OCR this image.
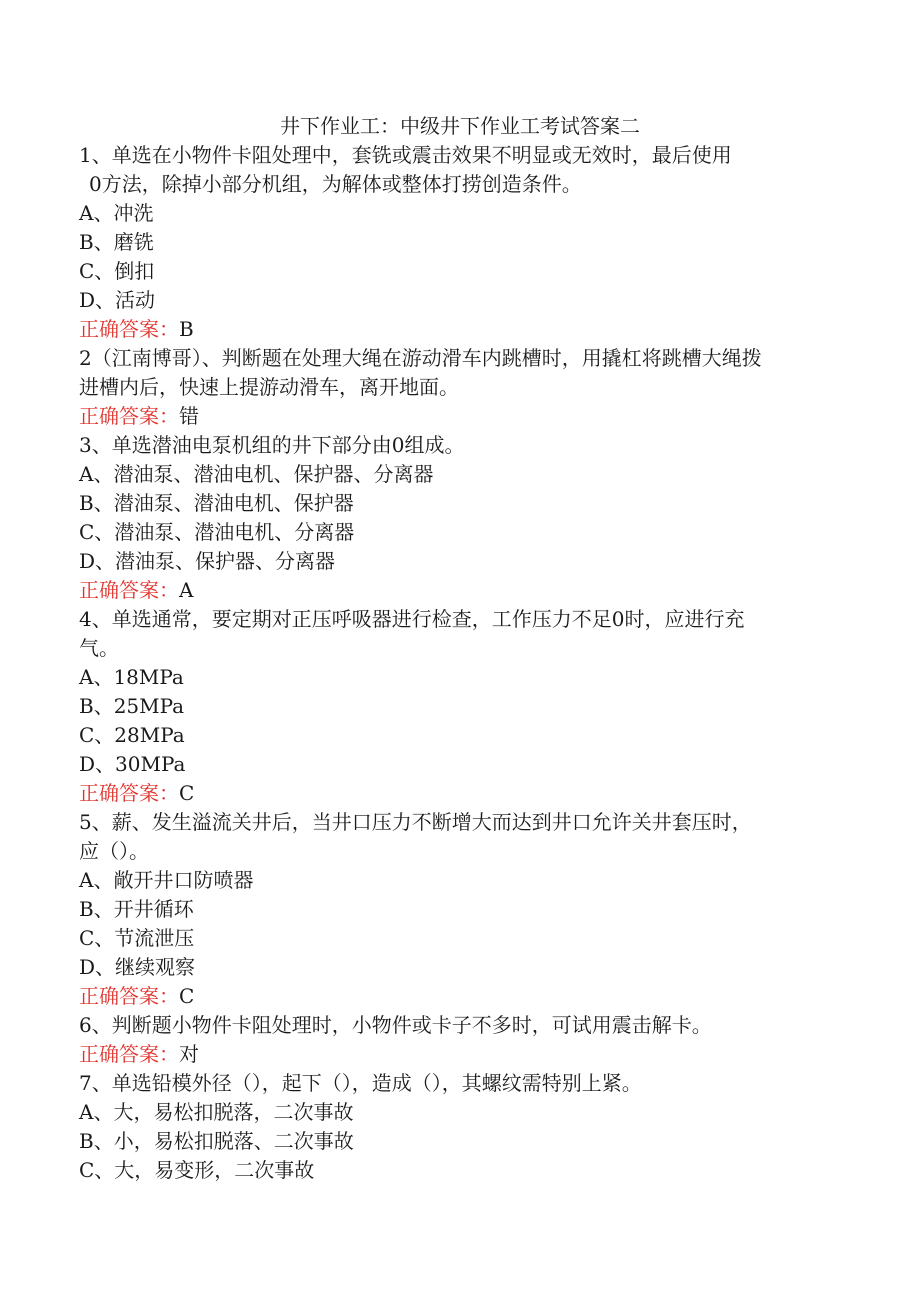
井下作业工：中级井下作业工考试答案二
1、单选在小物件卡阻处理中，套铣或震击效果不明显或无效时，最后使用
0方法，除掉小部分机组，为解体或整体打捞创造条件。
A、冲洗
B、磨铣
C、倒扣
D、活动
正确答案：B
2（江南博哥）、判断题在处理大绳在游动滑车内跳槽时，用撬杠将跳槽大绳拨
进槽内后，快速上提游动滑车，离开地面。
正确答案：错
3、单选潜油电泵机组的井下部分由0组成。
A、潜油泵、潜油电机、保护器、分离器
B、潜油泵、潜油电机、保护器
C、潜油泵、潜油电机、分离器
D、潜油泵、保护器、分离器
正确答案：A
4、单选通常，要定期对正压呼吸器进行检查，工作压力不足0时，应进行充
气。
A、18MPa
B、25MPa
C、28MPa
D、30MPa
正确答案：C
5、薪、发生溢流关井后，当井口压力不断增大而达到井口允许关井套压时，
应（）。
A、敞开井口防喷器
B、开井循环
C、节流泄压
D、继续观察
正确答案：C
6、判断题小物件卡阻处理时，小物件或卡子不多时，可试用震击解卡。
正确答案：对
7、单选铅模外径（），起下（），造成（），其螺纹需特别上紧。
A、大，易松扣脱落，二次事故
B、小，易松扣脱落、二次事故
C、大，易变形，二次事故
